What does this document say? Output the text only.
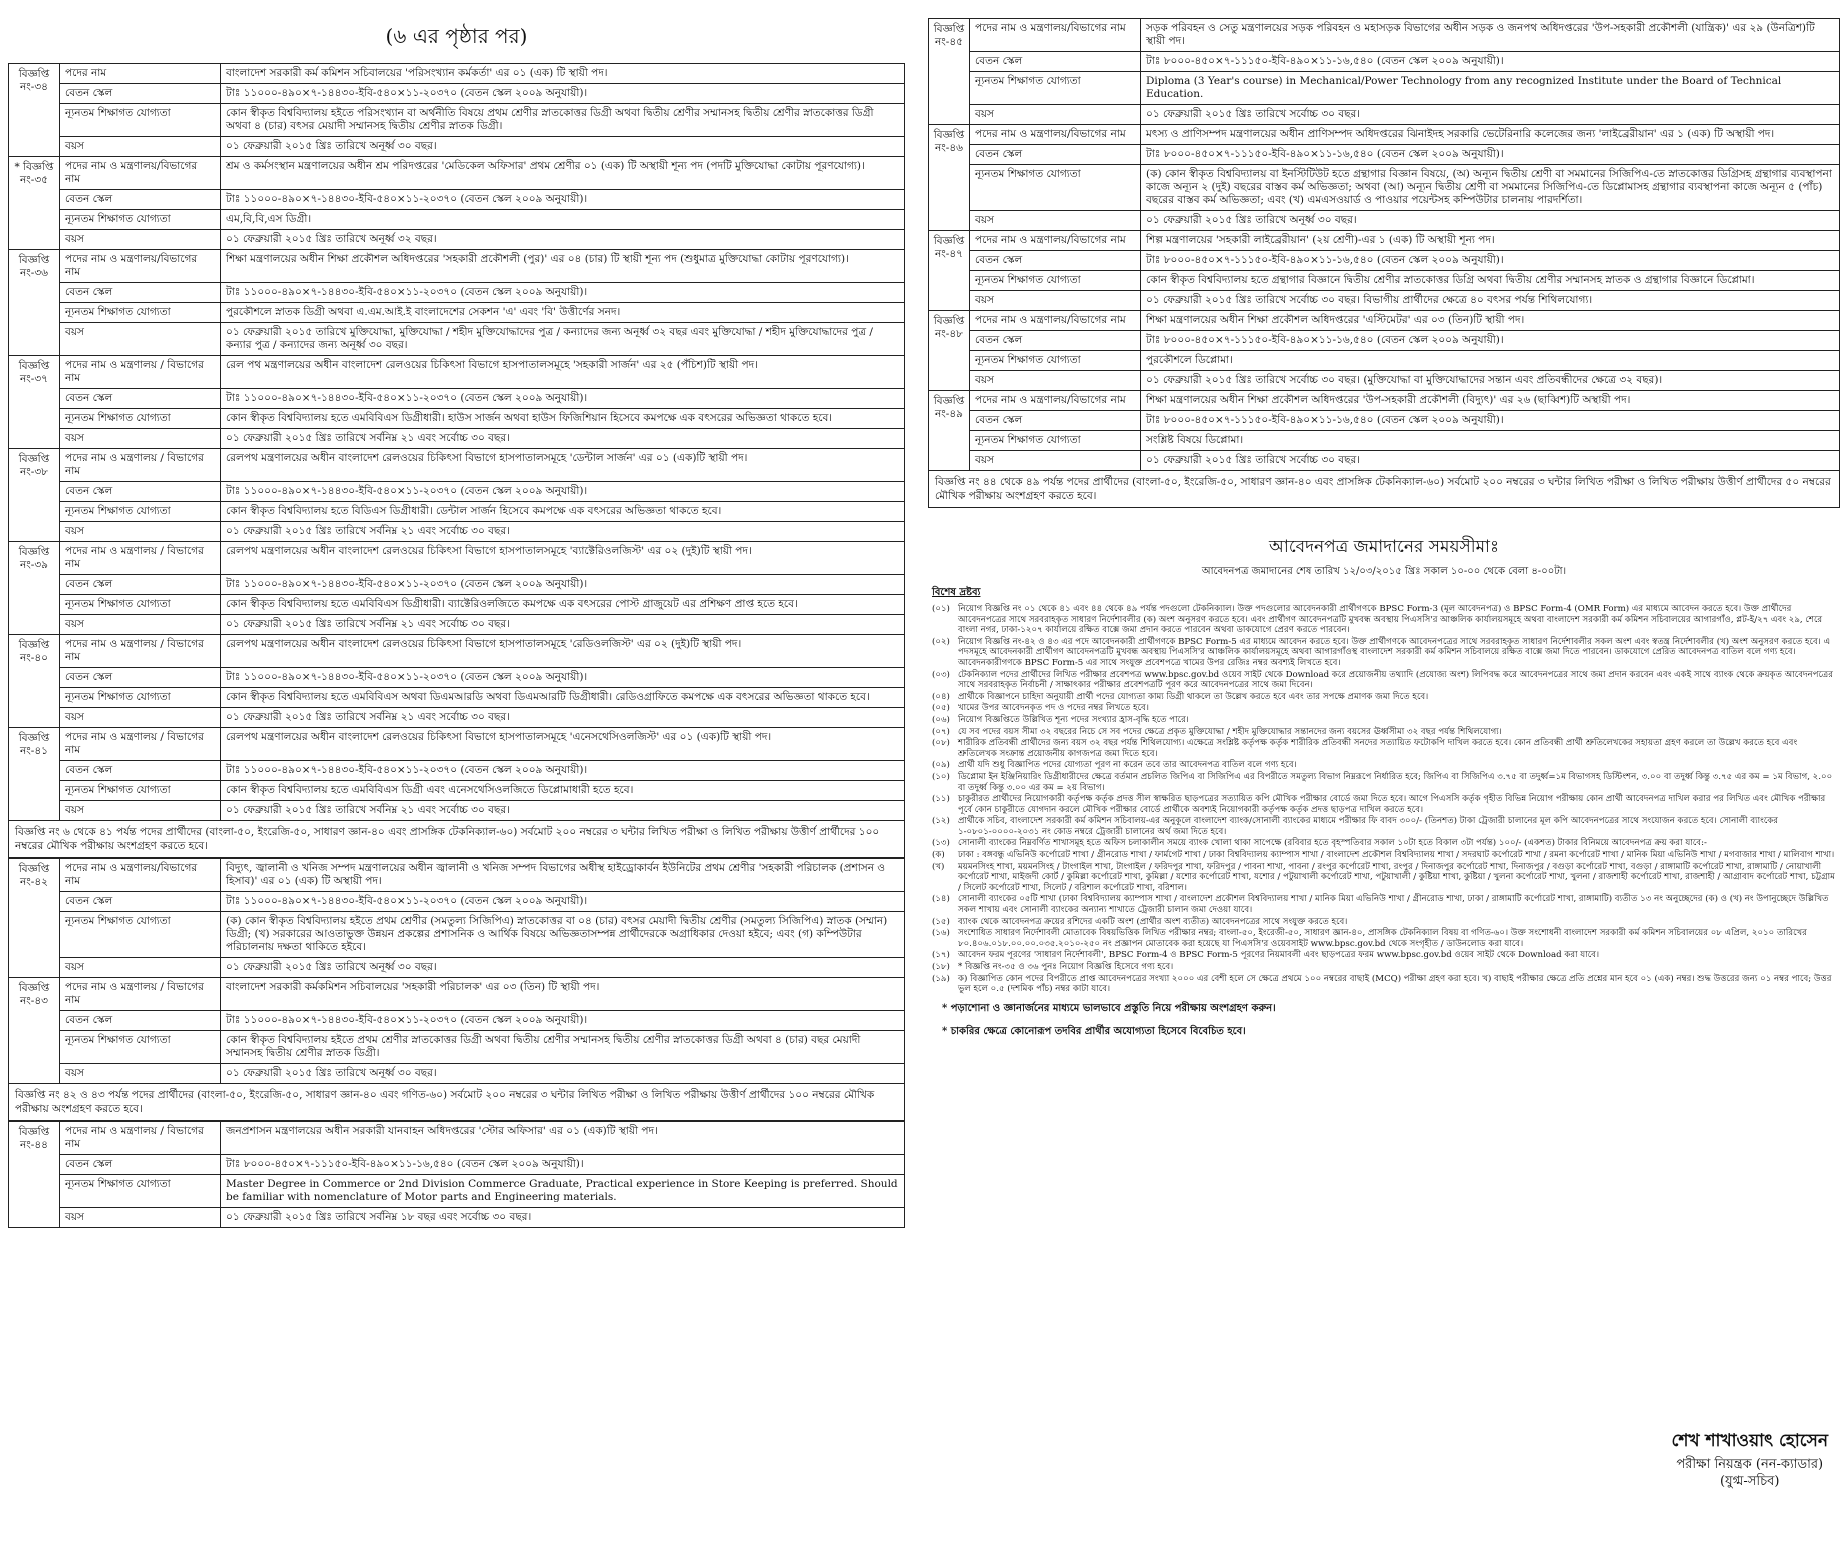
(৬ এর পৃষ্ঠার পর)
বিজ্ঞপ্তি নং-৩৪	পদের নাম	বাংলাদেশ সরকারী কর্ম কমিশন সচিবালয়ের 'পরিসংখ্যান কর্মকর্তা' এর ০১ (এক) টি স্থায়ী পদ।
	বেতন স্কেল	টাঃ ১১০০০-৪৯০×৭-১৪৪৩০-ইবি-৫৪০×১১-২০৩৭০ (বেতন স্কেল ২০০৯ অনুযায়ী)।
	ন্যূনতম শিক্ষাগত যোগ্যতা	কোন স্বীকৃত বিশ্ববিদ্যালয় হইতে পরিসংখ্যান বা অর্থনীতি বিষয়ে প্রথম শ্রেণীর স্নাতকোত্তর ডিগ্রী অথবা দ্বিতীয় শ্রেণীর সম্মানসহ দ্বিতীয় শ্রেণীর স্নাতকোত্তর ডিগ্রী অথবা ৪ (চার) বৎসর মেয়াদী সম্মানসহ দ্বিতীয় শ্রেণীর স্নাতক ডিগ্রী।
	বয়স	০১ ফেব্রুয়ারী ২০১৫ খ্রিঃ তারিখে অনূর্ধ্ব ৩০ বছর।
* বিজ্ঞপ্তি নং-৩৫	পদের নাম ও মন্ত্রণালয়/বিভাগের নাম	শ্রম ও কর্মসংস্থান মন্ত্রণালয়ের অধীন শ্রম পরিদপ্তরের 'মেডিকেল অফিসার' প্রথম শ্রেণীর ০১ (এক) টি অস্থায়ী শূন্য পদ (পদটি মুক্তিযোদ্ধা কোটায় পূরণযোগ্য)।
	বেতন স্কেল	টাঃ ১১০০০-৪৯০×৭-১৪৪৩০-ইবি-৫৪০×১১-২০৩৭০ (বেতন স্কেল ২০০৯ অনুযায়ী)।
	ন্যূনতম শিক্ষাগত যোগ্যতা	এম,বি,বি,এস ডিগ্রী।
	বয়স	০১ ফেব্রুয়ারী ২০১৫ খ্রিঃ তারিখে অনূর্ধ্ব ৩২ বছর।
বিজ্ঞপ্তি নং-৩৬	পদের নাম ও মন্ত্রণালয়/বিভাগের নাম	শিক্ষা মন্ত্রণালয়ের অধীন শিক্ষা প্রকৌশল অধিদপ্তরের 'সহকারী প্রকৌশলী (পুর)' এর ০৪ (চার) টি স্থায়ী শূন্য পদ (শুধুমাত্র মুক্তিযোদ্ধা কোটায় পূরণযোগ্য)।
	বেতন স্কেল	টাঃ ১১০০০-৪৯০×৭-১৪৪৩০-ইবি-৫৪০×১১-২০৩৭০ (বেতন স্কেল ২০০৯ অনুযায়ী)।
	ন্যূনতম শিক্ষাগত যোগ্যতা	পুরকৌশলে স্নাতক ডিগ্রী অথবা এ.এম.আই.ই বাংলাদেশের সেকশন 'এ' এবং 'বি' উত্তীর্ণের সনদ।
	বয়স	০১ ফেব্রুয়ারী ২০১৫ তারিখে মুক্তিযোদ্ধা, মুক্তিযোদ্ধা / শহীদ মুক্তিযোদ্ধাদের পুত্র / কন্যাদের জন্য অনূর্ধ্ব ৩২ বছর এবং মুক্তিযোদ্ধা / শহীদ মুক্তিযোদ্ধাদের পুত্র / কন্যার পুত্র / কন্যাদের জন্য অনূর্ধ্ব ৩০ বছর।
বিজ্ঞপ্তি নং-৩৭	পদের নাম ও মন্ত্রণালয় / বিভাগের নাম	রেল পথ মন্ত্রণালয়ের অধীন বাংলাদেশ রেলওয়ের চিকিৎসা বিভাগে হাসপাতালসমূহে 'সহকারী সার্জন' এর ২৫ (পঁচিশ)টি স্থায়ী পদ।
	বেতন স্কেল	টাঃ ১১০০০-৪৯০×৭-১৪৪৩০-ইবি-৫৪০×১১-২০৩৭০ (বেতন স্কেল ২০০৯ অনুযায়ী)।
	ন্যূনতম শিক্ষাগত যোগ্যতা	কোন স্বীকৃত বিশ্ববিদ্যালয় হতে এমবিবিএস ডিগ্রীধারী। হাউস সার্জন অথবা হাউস ফিজিশিয়ান হিসেবে কমপক্ষে এক বৎসরের অভিজ্ঞতা থাকতে হবে।
	বয়স	০১ ফেব্রুয়ারী ২০১৫ খ্রিঃ তারিখে সর্বনিম্ন ২১ এবং সর্বোচ্চ ৩০ বছর।
বিজ্ঞপ্তি নং-৩৮	পদের নাম ও মন্ত্রণালয় / বিভাগের নাম	রেলপথ মন্ত্রণালয়ের অধীন বাংলাদেশ রেলওয়ের চিকিৎসা বিভাগে হাসপাতালসমূহে 'ডেন্টাল সার্জন' এর ০১ (এক)টি স্থায়ী পদ।
	বেতন স্কেল	টাঃ ১১০০০-৪৯০×৭-১৪৪৩০-ইবি-৫৪০×১১-২০৩৭০ (বেতন স্কেল ২০০৯ অনুযায়ী)।
	ন্যূনতম শিক্ষাগত যোগ্যতা	কোন স্বীকৃত বিশ্ববিদ্যালয় হতে বিডিএস ডিগ্রীধারী। ডেন্টাল সার্জন হিসেবে কমপক্ষে এক বৎসরের অভিজ্ঞতা থাকতে হবে।
	বয়স	০১ ফেব্রুয়ারী ২০১৫ খ্রিঃ তারিখে সর্বনিম্ন ২১ এবং সর্বোচ্চ ৩০ বছর।
বিজ্ঞপ্তি নং-৩৯	পদের নাম ও মন্ত্রণালয় / বিভাগের নাম	রেলপথ মন্ত্রণালয়ের অধীন বাংলাদেশ রেলওয়ের চিকিৎসা বিভাগে হাসপাতালসমূহে 'ব্যাক্টেরিওলজিস্ট' এর ০২ (দুই)টি স্থায়ী পদ।
	বেতন স্কেল	টাঃ ১১০০০-৪৯০×৭-১৪৪৩০-ইবি-৫৪০×১১-২০৩৭০ (বেতন স্কেল ২০০৯ অনুযায়ী)।
	ন্যূনতম শিক্ষাগত যোগ্যতা	কোন স্বীকৃত বিশ্ববিদ্যালয় হতে এমবিবিএস ডিগ্রীধারী। ব্যাক্টেরিওলজিতে কমপক্ষে এক বৎসরের পোস্ট গ্রাজুয়েট এর প্রশিক্ষণ প্রাপ্ত হতে হবে।
	বয়স	০১ ফেব্রুয়ারী ২০১৫ খ্রিঃ তারিখে সর্বনিম্ন ২১ এবং সর্বোচ্চ ৩০ বছর।
বিজ্ঞপ্তি নং-৪০	পদের নাম ও মন্ত্রণালয় / বিভাগের নাম	রেলপথ মন্ত্রণালয়ের অধীন বাংলাদেশ রেলওয়ের চিকিৎসা বিভাগে হাসপাতালসমূহে 'রেডিওলজিস্ট' এর ০২ (দুই)টি স্থায়ী পদ।
	বেতন স্কেল	টাঃ ১১০০০-৪৯০×৭-১৪৪৩০-ইবি-৫৪০×১১-২০৩৭০ (বেতন স্কেল ২০০৯ অনুযায়ী)।
	ন্যূনতম শিক্ষাগত যোগ্যতা	কোন স্বীকৃত বিশ্ববিদ্যালয় হতে এমবিবিএস অথবা ডিএমআরডি অথবা ডিএমআরটি ডিগ্রীধারী। রেডিওগ্রাফিতে কমপক্ষে এক বৎসরের অভিজ্ঞতা থাকতে হবে।
	বয়স	০১ ফেব্রুয়ারী ২০১৫ খ্রিঃ তারিখে সর্বনিম্ন ২১ এবং সর্বোচ্চ ৩০ বছর।
বিজ্ঞপ্তি নং-৪১	পদের নাম ও মন্ত্রণালয় / বিভাগের নাম	রেলপথ মন্ত্রণালয়ের অধীন বাংলাদেশ রেলওয়ের চিকিৎসা বিভাগে হাসপাতালসমূহে 'এনেসথেসিওলজিস্ট' এর ০১ (এক)টি স্থায়ী পদ।
	বেতন স্কেল	টাঃ ১১০০০-৪৯০×৭-১৪৪৩০-ইবি-৫৪০×১১-২০৩৭০ (বেতন স্কেল ২০০৯ অনুযায়ী)।
	ন্যূনতম শিক্ষাগত যোগ্যতা	কোন স্বীকৃত বিশ্ববিদ্যালয় হতে এমবিবিএস ডিগ্রী এবং এনেসথেসিওলজিতে ডিপ্লোমাধারী হতে হবে।
	বয়স	০১ ফেব্রুয়ারী ২০১৫ খ্রিঃ তারিখে সর্বনিম্ন ২১ এবং সর্বোচ্চ ৩০ বছর।
বিজ্ঞপ্তি নং ৬ থেকে ৪১ পর্যন্ত পদের প্রার্থীদের (বাংলা-৫০, ইংরেজি-৫০, সাধারণ জ্ঞান-৪০ এবং প্রাসঙ্গিক টেকনিক্যাল-৬০) সর্বমোট ২০০ নম্বরের ৩ ঘন্টার লিখিত পরীক্ষা ও লিখিত পরীক্ষায় উত্তীর্ণ প্রার্থীদের ১০০ নম্বরের মৌখিক পরীক্ষায় অংশগ্রহণ করতে হবে।
বিজ্ঞপ্তি নং-৪২	পদের নাম ও মন্ত্রণালয়/বিভাগের নাম	বিদ্যুৎ, জ্বালানী ও খনিজ সম্পদ মন্ত্রণালয়ের অধীন জ্বালানী ও খনিজ সম্পদ বিভাগের অধীস্থ হাইড্রোকার্বন ইউনিটের প্রথম শ্রেণীর 'সহকারী পরিচালক (প্রশাসন ও হিসাব)' এর ০১ (এক) টি অস্থায়ী পদ।
	বেতন স্কেল	টাঃ ১১০০০-৪৯০×৭-১৪৪৩০-ইবি-৫৪০×১১-২০৩৭০ (বেতন স্কেল ২০০৯ অনুযায়ী)।
	ন্যূনতম শিক্ষাগত যোগ্যতা	(ক) কোন স্বীকৃত বিশ্ববিদ্যালয় হইতে প্রথম শ্রেণীর (সমতুল্য সিজিপিএ) স্নাতকোত্তর বা ০৪ (চার) বৎসর মেয়াদী দ্বিতীয় শ্রেণীর (সমতুল্য সিজিপিএ) স্নাতক (সম্মান) ডিগ্রী; (খ) সরকারের আওতাভুক্ত উন্নয়ন প্রকল্পের প্রশাসনিক ও আর্থিক বিষয়ে অভিজ্ঞতাসম্পন্ন প্রার্থীদেরকে অগ্রাধিকার দেওয়া হইবে; এবং (গ) কম্পিউটার পরিচালনায় দক্ষতা থাকিতে হইবে।
	বয়স	০১ ফেব্রুয়ারী ২০১৫ খ্রিঃ তারিখে অনূর্ধ্ব ৩০ বছর।
বিজ্ঞপ্তি নং-৪৩	পদের নাম ও মন্ত্রণালয় / বিভাগের নাম	বাংলাদেশ সরকারী কর্মকমিশন সচিবালয়ের 'সহকারী পরিচালক' এর ০৩ (তিন) টি স্থায়ী পদ।
	বেতন স্কেল	টাঃ ১১০০০-৪৯০×৭-১৪৪৩০-ইবি-৫৪০×১১-২০৩৭০ (বেতন স্কেল ২০০৯ অনুযায়ী)।
	ন্যূনতম শিক্ষাগত যোগ্যতা	কোন স্বীকৃত বিশ্ববিদ্যালয় হইতে প্রথম শ্রেণীর স্নাতকোত্তর ডিগ্রী অথবা দ্বিতীয় শ্রেণীর সম্মানসহ দ্বিতীয় শ্রেণীর স্নাতকোত্তর ডিগ্রী অথবা ৪ (চার) বছর মেয়াদী সম্মানসহ দ্বিতীয় শ্রেণীর স্নাতক ডিগ্রী।
	বয়স	০১ ফেব্রুয়ারী ২০১৫ খ্রিঃ তারিখে অনূর্ধ্ব ৩০ বছর।
বিজ্ঞপ্তি নং ৪২ ও ৪৩ পর্যন্ত পদের প্রার্থীদের (বাংলা-৫০, ইংরেজি-৫০, সাধারণ জ্ঞান-৪০ এবং গণিত-৬০) সর্বমোট ২০০ নম্বরের ৩ ঘন্টার লিখিত পরীক্ষা ও লিখিত পরীক্ষায় উত্তীর্ণ প্রার্থীদের ১০০ নম্বরের মৌখিক পরীক্ষায় অংশগ্রহণ করতে হবে।
বিজ্ঞপ্তি নং-৪৪	পদের নাম ও মন্ত্রণালয় / বিভাগের নাম	জনপ্রশাসন মন্ত্রণালয়ের অধীন সরকারী যানবাহন অধিদপ্তরের 'স্টোর অফিসার' এর ০১ (এক)টি স্থায়ী পদ।
	বেতন স্কেল	টাঃ ৮০০০-৪৫০×৭-১১১৫০-ইবি-৪৯০×১১-১৬,৫৪০ (বেতন স্কেল ২০০৯ অনুযায়ী)।
	ন্যূনতম শিক্ষাগত যোগ্যতা	Master Degree in Commerce or 2nd Division Commerce Graduate, Practical experience in Store Keeping is preferred. Should be familiar with nomenclature of Motor parts and Engineering materials.
	বয়স	০১ ফেব্রুয়ারী ২০১৫ খ্রিঃ তারিখে সর্বনিম্ন ১৮ বছর এবং সর্বোচ্চ ৩০ বছর।
বিজ্ঞপ্তি নং-৪৫	পদের নাম ও মন্ত্রণালয়/বিভাগের নাম	সড়ক পরিবহন ও সেতু মন্ত্রণালয়ের সড়ক পরিবহন ও মহাসড়ক বিভাগের অধীন সড়ক ও জনপথ অধিদপ্তরের 'উপ-সহকারী প্রকৌশলী (যান্ত্রিক)' এর ২৯ (উনত্রিশ)টি স্থায়ী পদ।
	বেতন স্কেল	টাঃ ৮০০০-৪৫০×৭-১১১৫০-ইবি-৪৯০×১১-১৬,৫৪০ (বেতন স্কেল ২০০৯ অনুযায়ী)।
	ন্যূনতম শিক্ষাগত যোগ্যতা	Diploma (3 Year's course) in Mechanical/Power Technology from any recognized Institute under the Board of Technical Education.
	বয়স	০১ ফেব্রুয়ারী ২০১৫ খ্রিঃ তারিখে সর্বোচ্চ ৩০ বছর।
বিজ্ঞপ্তি নং-৪৬	পদের নাম ও মন্ত্রণালয়/বিভাগের নাম	মৎস্য ও প্রাণিসম্পদ মন্ত্রণালয়ের অধীন প্রাণিসম্পদ অধিদপ্তরের ঝিনাইদহ সরকারি ভেটেরিনারি কলেজের জন্য 'লাইব্রেরীয়ান' এর ১ (এক) টি অস্থায়ী পদ।
	বেতন স্কেল	টাঃ ৮০০০-৪৫০×৭-১১১৫০-ইবি-৪৯০×১১-১৬,৫৪০ (বেতন স্কেল ২০০৯ অনুযায়ী)।
	ন্যূনতম শিক্ষাগত যোগ্যতা	(ক) কোন স্বীকৃত বিশ্ববিদ্যালয় বা ইনস্টিটিউট হতে গ্রন্থাগার বিজ্ঞান বিষয়ে, (অ) অন্যূন দ্বিতীয় শ্রেণী বা সমমানের সিজিপিএ-তে স্নাতকোত্তর ডিগ্রিসহ গ্রন্থাগার ব্যবস্থাপনা কাজে অন্যূন ২ (দুই) বছরের বাস্তব কর্ম অভিজ্ঞতা; অথবা (আ) অন্যূন দ্বিতীয় শ্রেণী বা সমমানের সিজিপিএ-তে ডিপ্লোমাসহ গ্রন্থাগার ব্যবস্থাপনা কাজে অন্যূন ৫ (পাঁচ) বছরের বাস্তব কর্ম অভিজ্ঞতা; এবং (খ) এমএসওয়ার্ড ও পাওয়ার পয়েন্টসহ কম্পিউটার চালনায় পারদর্শিতা।
	বয়স	০১ ফেব্রুয়ারী ২০১৫ খ্রিঃ তারিখে অনূর্ধ্ব ৩০ বছর।
বিজ্ঞপ্তি নং-৪৭	পদের নাম ও মন্ত্রণালয়/বিভাগের নাম	শিল্প মন্ত্রণালয়ের 'সহকারী লাইব্রেরীয়ান' (২য় শ্রেণী)-এর ১ (এক) টি অস্থায়ী শূন্য পদ।
	বেতন স্কেল	টাঃ ৮০০০-৪৫০×৭-১১১৫০-ইবি-৪৯০×১১-১৬,৫৪০ (বেতন স্কেল ২০০৯ অনুযায়ী)।
	ন্যূনতম শিক্ষাগত যোগ্যতা	কোন স্বীকৃত বিশ্ববিদ্যালয় হতে গ্রন্থাগার বিজ্ঞানে দ্বিতীয় শ্রেণীর স্নাতকোত্তর ডিগ্রি অথবা দ্বিতীয় শ্রেণীর সম্মানসহ স্নাতক ও গ্রন্থাগার বিজ্ঞানে ডিপ্লোমা।
	বয়স	০১ ফেব্রুয়ারী ২০১৫ খ্রিঃ তারিখে সর্বোচ্চ ৩০ বছর। বিভাগীয় প্রার্থীদের ক্ষেত্রে ৪০ বৎসর পর্যন্ত শিথিলযোগ্য।
বিজ্ঞপ্তি নং-৪৮	পদের নাম ও মন্ত্রণালয়/বিভাগের নাম	শিক্ষা মন্ত্রণালয়ের অধীন শিক্ষা প্রকৌশল অধিদপ্তরের 'এস্টিমেটর' এর ০৩ (তিন)টি স্থায়ী পদ।
	বেতন স্কেল	টাঃ ৮০০০-৪৫০×৭-১১১৫০-ইবি-৪৯০×১১-১৬,৫৪০ (বেতন স্কেল ২০০৯ অনুযায়ী)।
	ন্যূনতম শিক্ষাগত যোগ্যতা	পুরকৌশলে ডিপ্লোমা।
	বয়স	০১ ফেব্রুয়ারী ২০১৫ খ্রিঃ তারিখে সর্বোচ্চ ৩০ বছর। (মুক্তিযোদ্ধা বা মুক্তিযোদ্ধাদের সন্তান এবং প্রতিবন্ধীদের ক্ষেত্রে ৩২ বছর)।
বিজ্ঞপ্তি নং-৪৯	পদের নাম ও মন্ত্রণালয়/বিভাগের নাম	শিক্ষা মন্ত্রণালয়ের অধীন শিক্ষা প্রকৌশল অধিদপ্তরের 'উপ-সহকারী প্রকৌশলী (বিদ্যুৎ)' এর ২৬ (ছাব্বিশ)টি অস্থায়ী পদ।
	বেতন স্কেল	টাঃ ৮০০০-৪৫০×৭-১১১৫০-ইবি-৪৯০×১১-১৬,৫৪০ (বেতন স্কেল ২০০৯ অনুযায়ী)।
	ন্যূনতম শিক্ষাগত যোগ্যতা	সংশ্লিষ্ট বিষয়ে ডিপ্লোমা।
	বয়স	০১ ফেব্রুয়ারী ২০১৫ খ্রিঃ তারিখে সর্বোচ্চ ৩০ বছর।
বিজ্ঞপ্তি নং ৪৪ থেকে ৪৯ পর্যন্ত পদের প্রার্থীদের (বাংলা-৫০, ইংরেজি-৫০, সাধারণ জ্ঞান-৪০ এবং প্রাসঙ্গিক টেকনিক্যাল-৬০) সর্বমোট ২০০ নম্বরের ৩ ঘন্টার লিখিত পরীক্ষা ও লিখিত পরীক্ষায় উত্তীর্ণ প্রার্থীদের ৫০ নম্বরের মৌখিক পরীক্ষায় অংশগ্রহণ করতে হবে।
আবেদনপত্র জমাদানের সময়সীমাঃ
আবেদনপত্র জমাদানের শেষ তারিখ ১২/০৩/২০১৫ খ্রিঃ সকাল ১০-০০ থেকে বেলা ৪-০০টা।
বিশেষ দ্রষ্টব্য
(০১) নিয়োগ বিজ্ঞপ্তি নং ০১ থেকে ৪১ এবং ৪৪ থেকে ৪৯ পর্যন্ত পদগুলো টেকনিক্যাল। উক্ত পদগুলোর আবেদনকারী প্রার্থীগণকে BPSC Form-3 (মূল আবেদনপত্র) ও BPSC Form-4 (OMR Form) এর মাধ্যমে আবেদন করতে হবে। উক্ত প্রার্থীদের আবেদনপত্রের সাথে সরবরাহকৃত সাধারণ নির্দেশাবলীর (ক) অংশ অনুসরণ করতে হবে। এবং প্রার্থীগণ আবেদনপত্রটি মুখবন্ধ অবস্থায় পিএসসি'র আঞ্চলিক কার্যালয়সমূহে অথবা বাংলাদেশ সরকারী কর্ম কমিশন সচিবালয়ের আগারগাঁও, প্লট-ই/২৭ এবং ২৯, শেরে বাংলা নগর, ঢাকা-১২০৭ কার্যালয়ে রক্ষিত বাক্সে জমা প্রদান করতে পারবেন অথবা ডাকযোগে প্রেরণ করতে পারবেন।
(০২) নিয়োগ বিজ্ঞপ্তি নং-৪২ ও ৪৩ এর পদে আবেদনকারী প্রার্থীগণকে BPSC Form-5 এর মাধ্যমে আবেদন করতে হবে। উক্ত প্রার্থীগণকে আবেদনপত্রের সাথে সরবরাহকৃত সাধারণ নির্দেশাবলীর সকল অংশ এবং স্বতন্ত্র নির্দেশাবলীর (খ) অংশ অনুসরণ করতে হবে। এ পদসমূহে আবেদনকারী প্রার্থীগণ আবেদনপত্রটি মুখবন্ধ অবস্থায় পিএসসি'র আঞ্চলিক কার্যালয়সমূহে অথবা আগারগাঁওস্থ বাংলাদেশ সরকারী কর্ম কমিশন সচিবালয়ে রক্ষিত বাক্সে জমা দিতে পারবেন। ডাকযোগে প্রেরিত আবেদনপত্র বাতিল বলে গণ্য হবে। আবেদনকারীগণকে BPSC Form-5 এর সাথে সংযুক্ত প্রবেশপত্রে খামের উপর রেজিঃ নম্বর অবশ্যই লিখতে হবে।
(০৩) টেকনিক্যাল পদের প্রার্থীদের লিখিত পরীক্ষার প্রবেশপত্র www.bpsc.gov.bd ওয়েব সাইট থেকে Download করে প্রয়োজনীয় তথ্যাদি (প্রযোজ্য অংশ) লিপিবদ্ধ করে আবেদনপত্রের সাথে জমা প্রদান করবেন এবং একই সাথে ব্যাংক থেকে ক্রয়কৃত আবেদনপত্রের সাথে সরবরাহকৃত নির্বাচনী / সাক্ষাৎকার পরীক্ষার প্রবেশপত্রটি পূরণ করে আবেদনপত্রের সাথে জমা দিবেন।
(০৪) প্রার্থীকে বিজ্ঞাপনে চাহিদা অনুযায়ী প্রার্থী পদের যোগ্যতা কাম্য ডিগ্রী থাকলে তা উল্লেখ করতে হবে এবং তার সপক্ষে প্রমাণক জমা দিতে হবে।
(০৫) খামের উপর আবেদনকৃত পদ ও পদের নম্বর লিখতে হবে।
(০৬) নিয়োগ বিজ্ঞপ্তিতে উল্লিখিত শূন্য পদের সংখ্যার হ্রাস-বৃদ্ধি হতে পারে।
(০৭) যে সব পদের বয়স সীমা ৩২ বছরের নিচে সে সব পদের ক্ষেত্রে প্রকৃত মুক্তিযোদ্ধা / শহীদ মুক্তিযোদ্ধার সন্তানদের জন্য বয়সের ঊর্ধ্বসীমা ৩২ বছর পর্যন্ত শিথিলযোগ্য।
(০৮) শারীরিক প্রতিবন্ধী প্রার্থীদের জন্য বয়স ৩২ বছর পর্যন্ত শিথিলযোগ্য। এক্ষেত্রে সংশ্লিষ্ট কর্তৃপক্ষ কর্তৃক শারীরিক প্রতিবন্ধী সনদের সত্যায়িত ফটোকপি দাখিল করতে হবে। কোন প্রতিবন্ধী প্রার্থী শ্রুতিলেখকের সহায়তা গ্রহণ করলে তা উল্লেখ করতে হবে এবং শ্রুতিলেখক সংক্রান্ত প্রয়োজনীয় কাগজপত্র জমা দিতে হবে।
(০৯) প্রার্থী যদি শুধু বিজ্ঞাপিত পদের যোগ্যতা পূরণ না করেন তবে তার আবেদনপত্র বাতিল বলে গণ্য হবে।
(১০) ডিপ্লোমা ইন ইঞ্জিনিয়ারিং ডিগ্রীধারীদের ক্ষেত্রে বর্তমান প্রচলিত জিপিএ বা সিজিপিএ এর বিপরীতে সমতুল্য বিভাগ নিম্নরূপে নির্ধারিত হবে; জিপিএ বা সিজিপিএ ৩.৭৫ বা তদুর্ধ্ব=১ম বিভাগসহ ডিস্টিংশন, ৩.০০ বা তদুর্ধ্ব কিন্তু ৩.৭৫ এর কম = ১ম বিভাগ, ২.০০ বা তদুর্ধ্ব কিন্তু ৩.০০ এর কম = ২য় বিভাগ।
(১১) চাকুরীরত প্রার্থীদের নিয়োগকারী কর্তৃপক্ষ কর্তৃক প্রদত্ত সীল স্বাক্ষরিত ছাড়পত্রের সত্যায়িত কপি মৌখিক পরীক্ষার বোর্ডে জমা দিতে হবে। আগে পিএসসি কর্তৃক গৃহীত বিভিন্ন নিয়োগ পরীক্ষায় কোন প্রার্থী আবেদনপত্র দাখিল করার পর লিখিত এবং মৌখিক পরীক্ষার পূর্বে কোন চাকুরীতে যোগদান করলে মৌখিক পরীক্ষার বোর্ডে প্রার্থীকে অবশ্যই নিয়োগকারী কর্তৃপক্ষ কর্তৃক প্রদত্ত ছাড়পত্র দাখিল করতে হবে।
(১২) প্রার্থীকে সচিব, বাংলাদেশ সরকারী কর্ম কমিশন সচিবালয়-এর অনুকূলে বাংলাদেশ ব্যাংক/সোনালী ব্যাংকের মাধ্যমে পরীক্ষার ফি বাবদ ৩০০/- (তিনশত) টাকা ট্রেজারী চালানের মূল কপি আবেদনপত্রের সাথে সংযোজন করতে হবে। সোনালী ব্যাংকের ১-০৮০১-০০০০-২০৩১ নং কোড নম্বরে ট্রেজারী চালানের অর্থ জমা দিতে হবে।
(১৩) সোনালী ব্যাংকের নিম্নবর্ণিত শাখাসমূহ হতে অফিস চলাকালীন সময়ে ব্যাংক খোলা থাকা সাপেক্ষে (রবিবার হতে বৃহস্পতিবার সকাল ১০টা হতে বিকাল ৩টা পর্যন্ত) ১০০/- (একশত) টাকার বিনিময়ে আবেদনপত্র ক্রয় করা যাবে:-
(ক)	ঢাকা : বঙ্গবন্ধু এভিনিউ কর্পোরেট শাখা / গ্রীনরোড শাখা / ফার্মগেট শাখা / ঢাকা বিশ্ববিদ্যালয় ক্যাম্পাস শাখা / বাংলাদেশ প্রকৌশল বিশ্ববিদ্যালয় শাখা / সদরঘাট কর্পোরেট শাখা / রমনা কর্পোরেট শাখা / মানিক মিয়া এভিনিউ শাখা / মগবাজার শাখা / মালিবাগ শাখা।
(খ)	ময়মনসিংহ শাখা, ময়মনসিংহ / টাংগাইল শাখা, টাংগাইল / ফরিদপুর শাখা, ফরিদপুর / পাবনা শাখা, পাবনা / রংপুর কর্পোরেট শাখা, রংপুর / দিনাজপুর কর্পোরেট শাখা, দিনাজপুর / বগুড়া কর্পোরেট শাখা, বগুড়া / রাঙ্গামাটি কর্পোরেট শাখা, রাঙ্গামাটি / নোয়াখালী কর্পোরেট শাখা, মাইজদী কোর্ট / কুমিল্লা কর্পোরেট শাখা, কুমিল্লা / যশোর কর্পোরেট শাখা, যশোর / পটুয়াখালী কর্পোরেট শাখা, পটুয়াখালী / কুষ্টিয়া শাখা, কুষ্টিয়া / খুলনা কর্পোরেট শাখা, খুলনা / রাজশাহী কর্পোরেট শাখা, রাজশাহী / আগ্রাবাদ কর্পোরেট শাখা, চট্টগ্রাম / সিলেট কর্পোরেট শাখা, সিলেট / বরিশাল কর্পোরেট শাখা, বরিশাল।
(১৪) সোনালী ব্যাংকের ০৫টি শাখা (ঢাকা বিশ্ববিদ্যালয় ক্যাম্পাস শাখা / বাংলাদেশ প্রকৌশল বিশ্ববিদ্যালয় শাখা / মানিক মিয়া এভিনিউ শাখা / গ্রীনরোড শাখা, ঢাকা / রাঙ্গামাটি কর্পোরেট শাখা, রাঙ্গামাটি) ব্যতীত ১৩ নং অনুচ্ছেদের (ক) ও (খ) নং উপানুচ্ছেদে উল্লিখিত সকল শাখায় এবং সোনালী ব্যাংকের অন্যান্য শাখাতে ট্রেজারী চালান জমা দেওয়া যাবে।
(১৫) ব্যাংক থেকে আবেদনপত্র ক্রয়ের রশিদের একটি অংশ (প্রার্থীর অংশ ব্যতীত) আবেদনপত্রের সাথে সংযুক্ত করতে হবে।
(১৬) সংশোধিত সাধারণ নির্দেশাবলী মোতাবেক বিষয়ভিত্তিক লিখিত পরীক্ষার নম্বর; বাংলা-৫০, ইংরেজী-৫০, সাধারণ জ্ঞান-৪০, প্রাসঙ্গিক টেকনিক্যাল বিষয় বা গণিত-৬০। উক্ত সংশোধনী বাংলাদেশ সরকারী কর্ম কমিশন সচিবালয়ের ০৮ এপ্রিল, ২০১০ তারিখের ৮০.৪০৬.০১৮.০০.০০.০৩৫.২০১০-২৫০ নং প্রজ্ঞাপন মোতাবেক করা হয়েছে যা পিএসসি'র ওয়েবসাইট www.bpsc.gov.bd থেকে সংগৃহীত / ডাউনলোড করা যাবে।
(১৭) আবেদন ফরম পূরণের 'সাধারণ নির্দেশাবলী', BPSC Form-4 ও BPSC Form-5 পূরণের নিয়মাবলী এবং ছাড়পত্রের ফরম www.bpsc.gov.bd ওয়েব সাইট থেকে Download করা যাবে।
(১৮) * বিজ্ঞপ্তি নং-৩৫ ও ৩৬ পুনঃ নিয়োগ বিজ্ঞপ্তি হিসেবে গণ্য হবে।
(১৯) ক) বিজ্ঞাপিত কোন পদের বিপরীতে প্রাপ্ত আবেদনপত্রের সংখ্যা ২০০০ এর বেশী হলে সে ক্ষেত্রে প্রথমে ১০০ নম্বরের বাছাই (MCQ) পরীক্ষা গ্রহণ করা হবে। খ) বাছাই পরীক্ষার ক্ষেত্রে প্রতি প্রশ্নের মান হবে ০১ (এক) নম্বর। শুদ্ধ উত্তরের জন্য ০১ নম্বর পাবে; উত্তর ভুল হলে ০.৫ (দশমিক পাঁচ) নম্বর কাটা যাবে।
* পড়াশোনা ও জ্ঞানার্জনের মাধ্যমে ভালভাবে প্রস্তুতি নিয়ে পরীক্ষায় অংশগ্রহণ করুন।
* চাকরির ক্ষেত্রে কোনোরূপ তদবির প্রার্থীর অযোগ্যতা হিসেবে বিবেচিত হবে।
শেখ শাখাওয়াৎ হোসেন
পরীক্ষা নিয়ন্ত্রক (নন-ক্যাডার)
(যুগ্ম-সচিব)
